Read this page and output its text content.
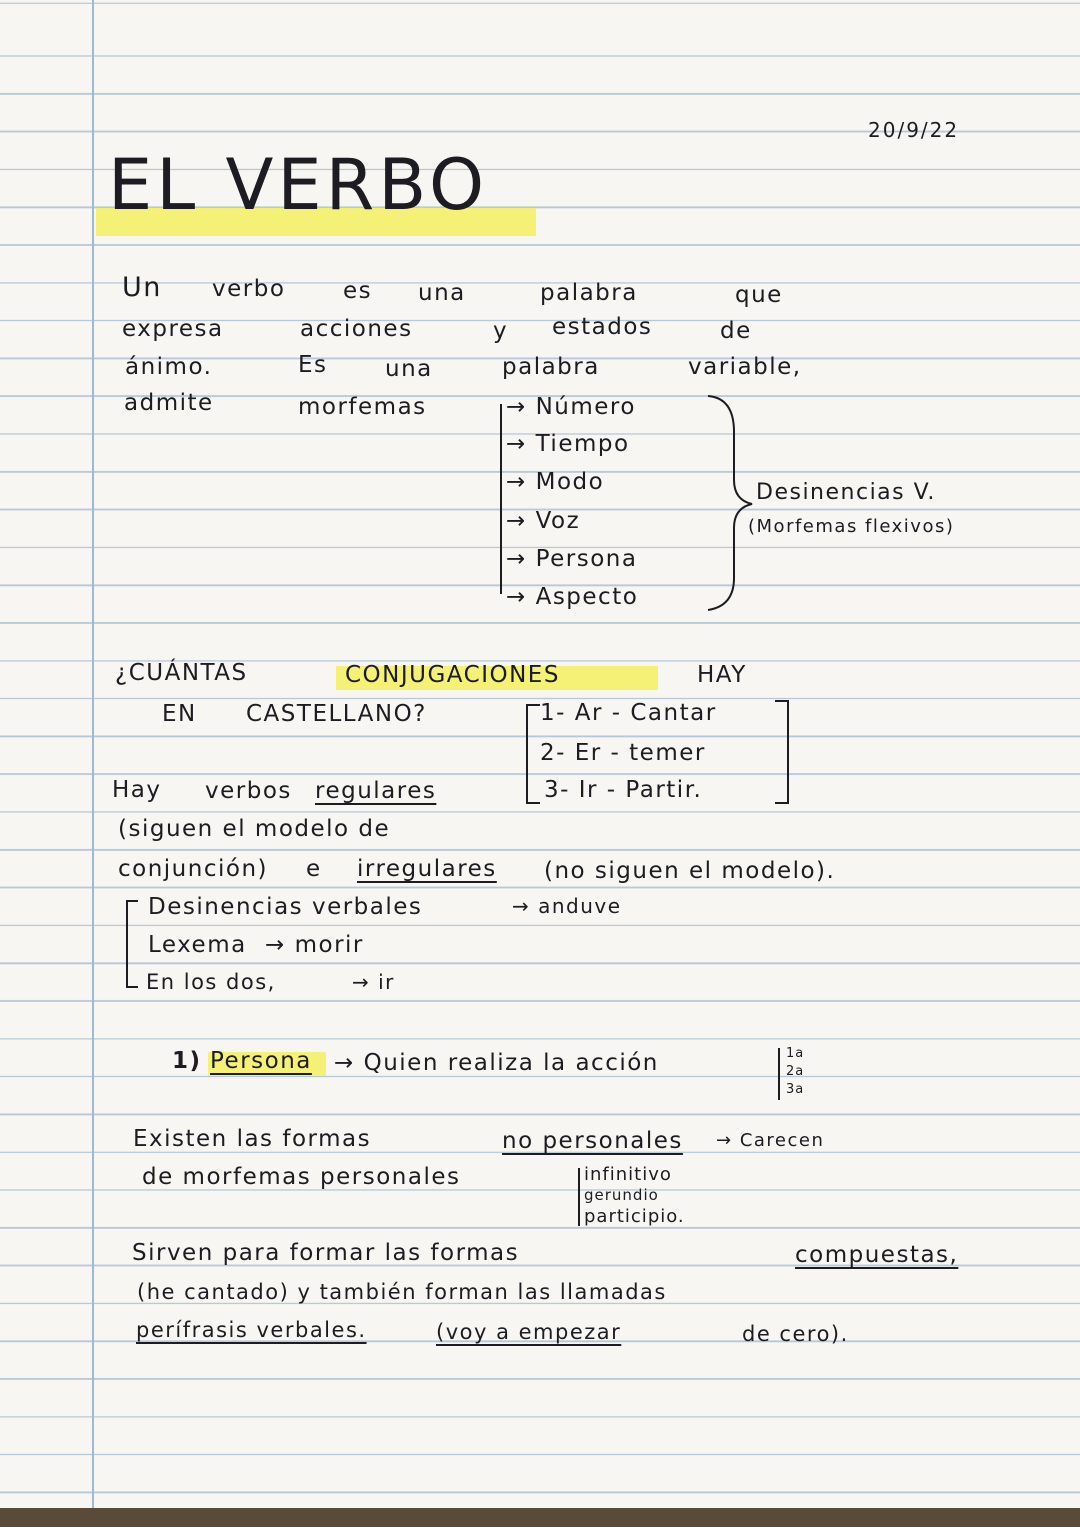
20/9/22
EL VERBO
Un verbo	es una	palabra	que
expresa	acciones	y estados	de
ánimo.	Es una	palabra	variable,
admite	morfemas	→ Número
→ Tiempo
→ Modo
→ Voz
→ Persona
→ Aspecto
Desinencias V.
(Morfemas flexivos)
¿CUÁNTAS	CONJUGACIONES	HAY
EN CASTELLANO?	1- Ar - Cantar
2- Er - temer
3- Ir - Partir.
Hay verbos regulares
(siguen el modelo de
conjunción) e irregulares (no siguen el modelo).
Desinencias verbales	→ anduve
Lexema	→ morir
En los dos,	→ ir
1) Persona	→ Quien realiza la acción	1a
2a
3a
Existen las formas	no personales	→ Carecen
de morfemas personales	infinitivo
gerundio
participio.
Sirven para formar las formas	compuestas,
(he cantado) y también forman las llamadas
perífrasis verbales.	(voy a empezar	de cero).
